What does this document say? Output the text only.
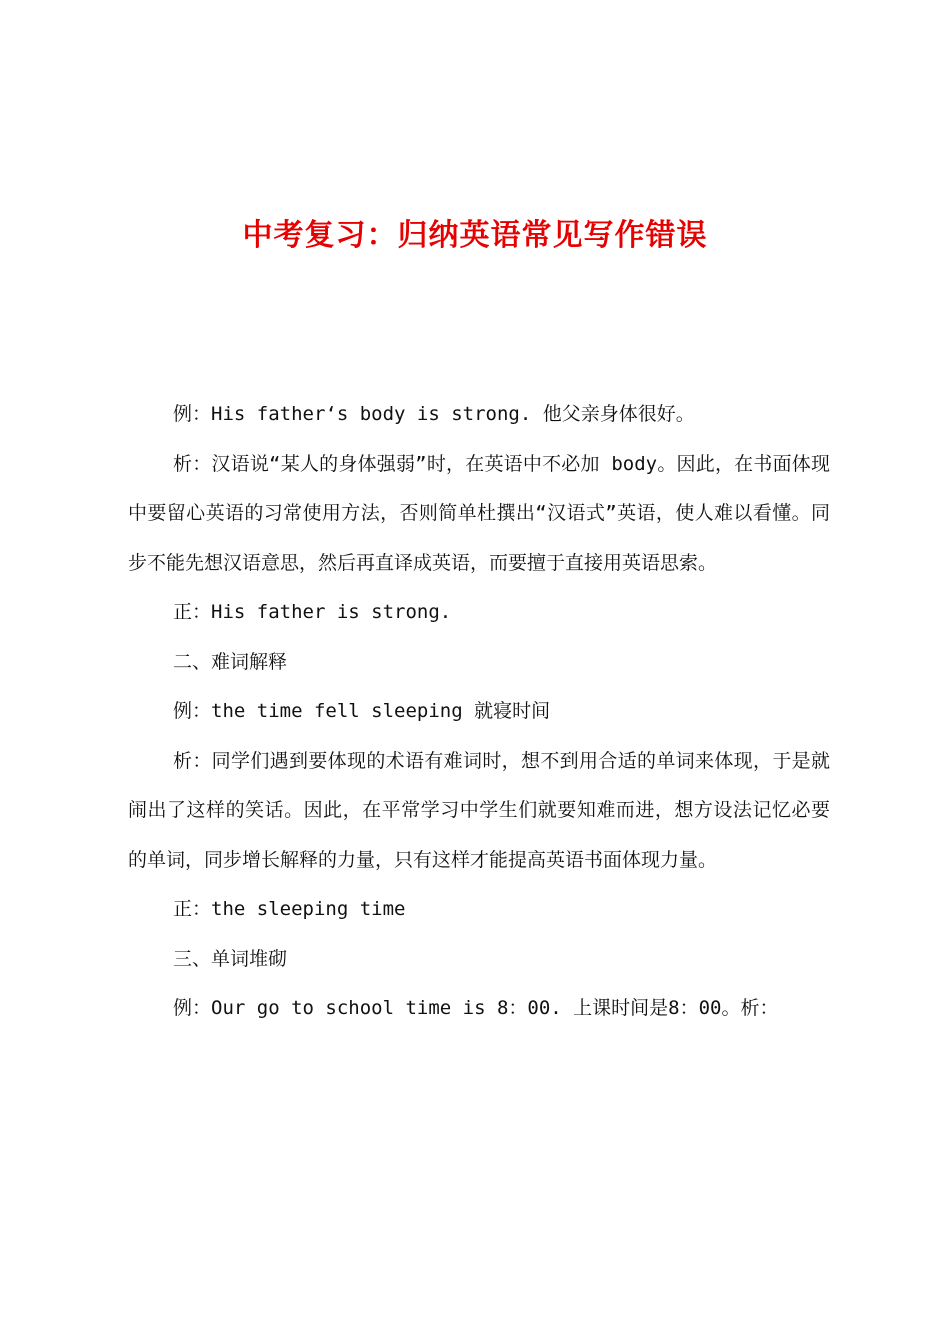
中考复习：归纳英语常见写作错误

例：His father‘s body is strong. 他父亲身体很好。

析：汉语说“某人的身体强弱”时，在英语中不必加 body。因此，在书面体现中要留心英语的习常使用方法，否则简单杜撰出“汉语式”英语，使人难以看懂。同步不能先想汉语意思，然后再直译成英语，而要擅于直接用英语思索。

正：His father is strong.

二、难词解释

例：the time fell sleeping 就寝时间

析：同学们遇到要体现的术语有难词时，想不到用合适的单词来体现，于是就闹出了这样的笑话。因此，在平常学习中学生们就要知难而进，想方设法记忆必要的单词，同步增长解释的力量，只有这样才能提高英语书面体现力量。

正：the sleeping time

三、单词堆砌

例：Our go to school time is 8：00. 上课时间是8：00。析：
